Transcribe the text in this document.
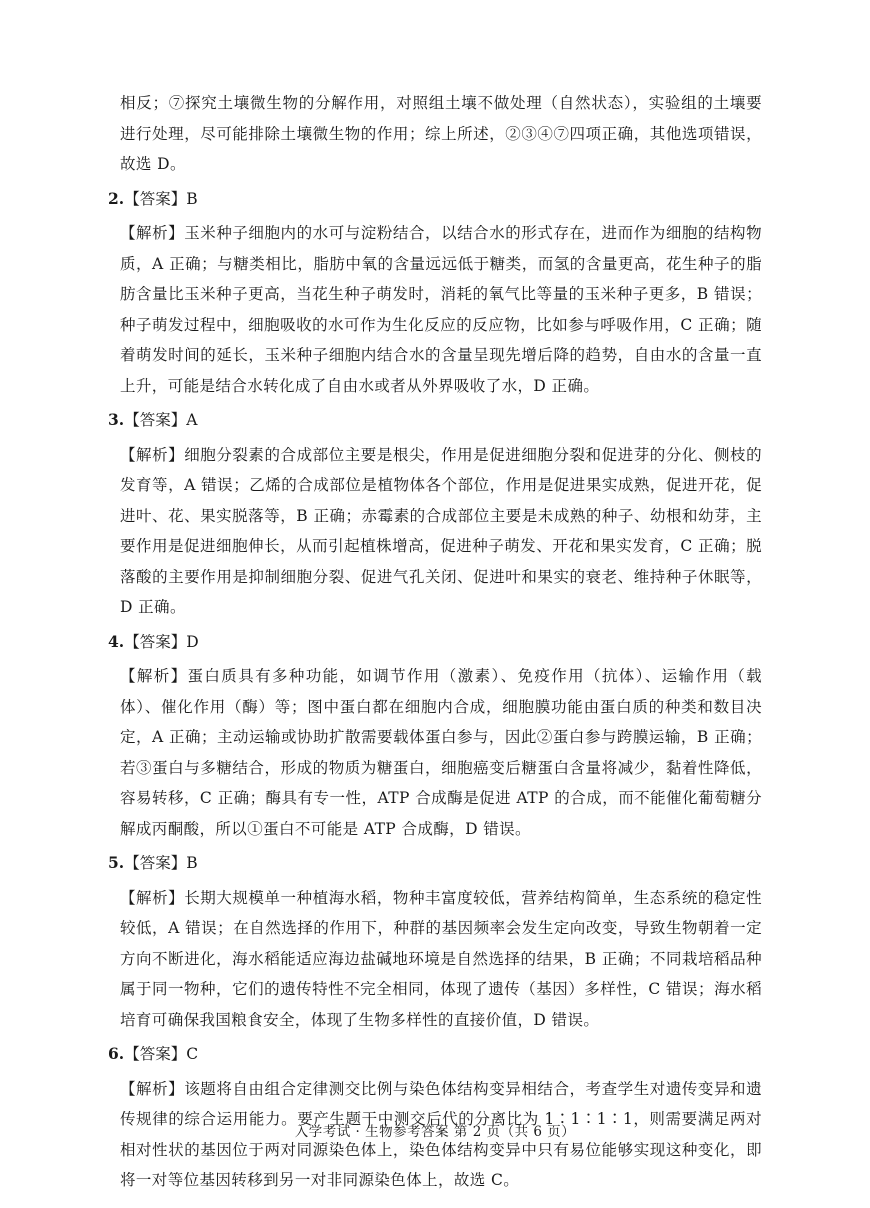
相反；⑦探究土壤微生物的分解作用，对照组土壤不做处理（自然状态），实验组的土壤要进行处理，尽可能排除土壤微生物的作用；综上所述，②③④⑦四项正确，其他选项错误，故选 D。

2.【答案】B

【解析】玉米种子细胞内的水可与淀粉结合，以结合水的形式存在，进而作为细胞的结构物质，A 正确；与糖类相比，脂肪中氧的含量远远低于糖类，而氢的含量更高，花生种子的脂肪含量比玉米种子更高，当花生种子萌发时，消耗的氧气比等量的玉米种子更多，B 错误；种子萌发过程中，细胞吸收的水可作为生化反应的反应物，比如参与呼吸作用，C 正确；随着萌发时间的延长，玉米种子细胞内结合水的含量呈现先增后降的趋势，自由水的含量一直上升，可能是结合水转化成了自由水或者从外界吸收了水，D 正确。

3.【答案】A

【解析】细胞分裂素的合成部位主要是根尖，作用是促进细胞分裂和促进芽的分化、侧枝的发育等，A 错误；乙烯的合成部位是植物体各个部位，作用是促进果实成熟，促进开花，促进叶、花、果实脱落等，B 正确；赤霉素的合成部位主要是未成熟的种子、幼根和幼芽，主要作用是促进细胞伸长，从而引起植株增高，促进种子萌发、开花和果实发育，C 正确；脱落酸的主要作用是抑制细胞分裂、促进气孔关闭、促进叶和果实的衰老、维持种子休眠等，D 正确。

4.【答案】D

【解析】蛋白质具有多种功能，如调节作用（激素）、免疫作用（抗体）、运输作用（载体）、催化作用（酶）等；图中蛋白都在细胞内合成，细胞膜功能由蛋白质的种类和数目决定，A 正确；主动运输或协助扩散需要载体蛋白参与，因此②蛋白参与跨膜运输，B 正确；若③蛋白与多糖结合，形成的物质为糖蛋白，细胞癌变后糖蛋白含量将减少，黏着性降低，容易转移，C 正确；酶具有专一性，ATP 合成酶是促进 ATP 的合成，而不能催化葡萄糖分解成丙酮酸，所以①蛋白不可能是 ATP 合成酶，D 错误。

5.【答案】B

【解析】长期大规模单一种植海水稻，物种丰富度较低，营养结构简单，生态系统的稳定性较低，A 错误；在自然选择的作用下，种群的基因频率会发生定向改变，导致生物朝着一定方向不断进化，海水稻能适应海边盐碱地环境是自然选择的结果，B 正确；不同栽培稻品种属于同一物种，它们的遗传特性不完全相同，体现了遗传（基因）多样性，C 错误；海水稻培育可确保我国粮食安全，体现了生物多样性的直接价值，D 错误。

6.【答案】C

【解析】该题将自由组合定律测交比例与染色体结构变异相结合，考查学生对遗传变异和遗传规律的综合运用能力。要产生题干中测交后代的分离比为 1∶1∶1∶1，则需要满足两对相对性状的基因位于两对同源染色体上，染色体结构变异中只有易位能够实现这种变化，即将一对等位基因转移到另一对非同源染色体上，故选 C。

入学考试 · 生物参考答案 第 2 页（共 6 页）
